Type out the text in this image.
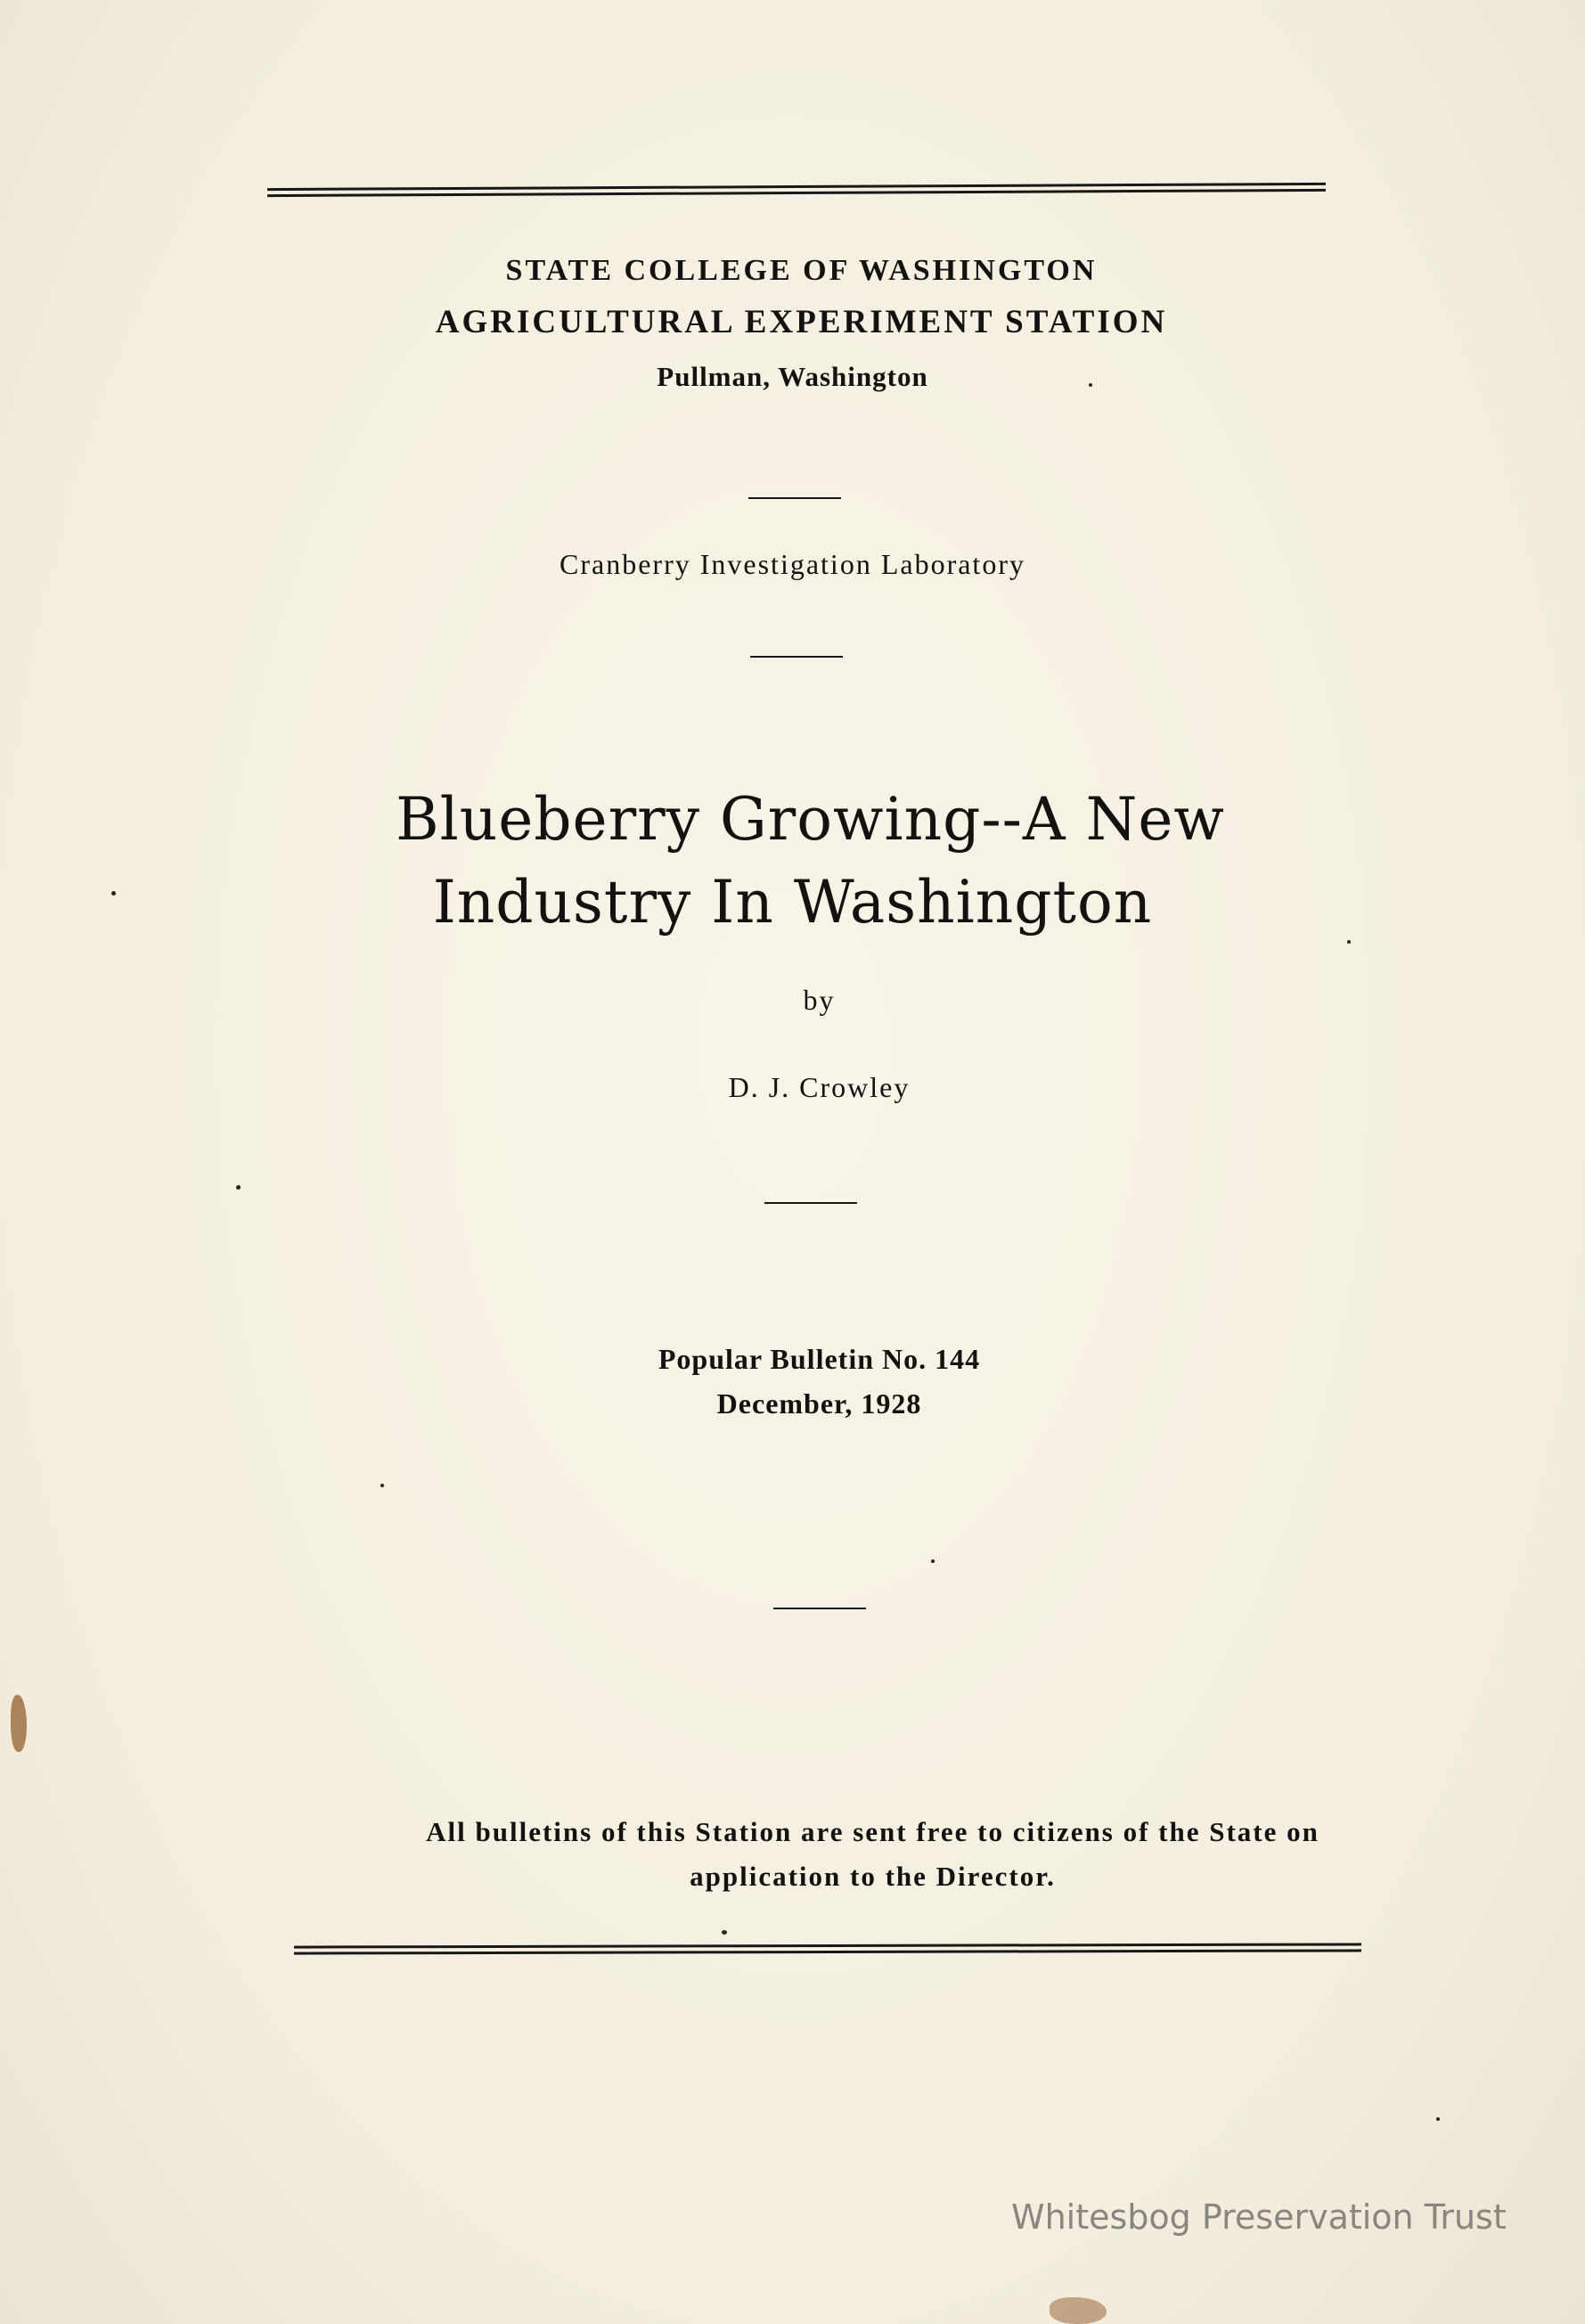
STATE COLLEGE OF WASHINGTON
AGRICULTURAL EXPERIMENT STATION
Pullman, Washington
Cranberry Investigation Laboratory
Blueberry Growing--A New
Industry In Washington
by
D. J. Crowley
Popular Bulletin No. 144
December, 1928
All bulletins of this Station are sent free to citizens of the State on
application to the Director.
Whitesbog Preservation Trust
